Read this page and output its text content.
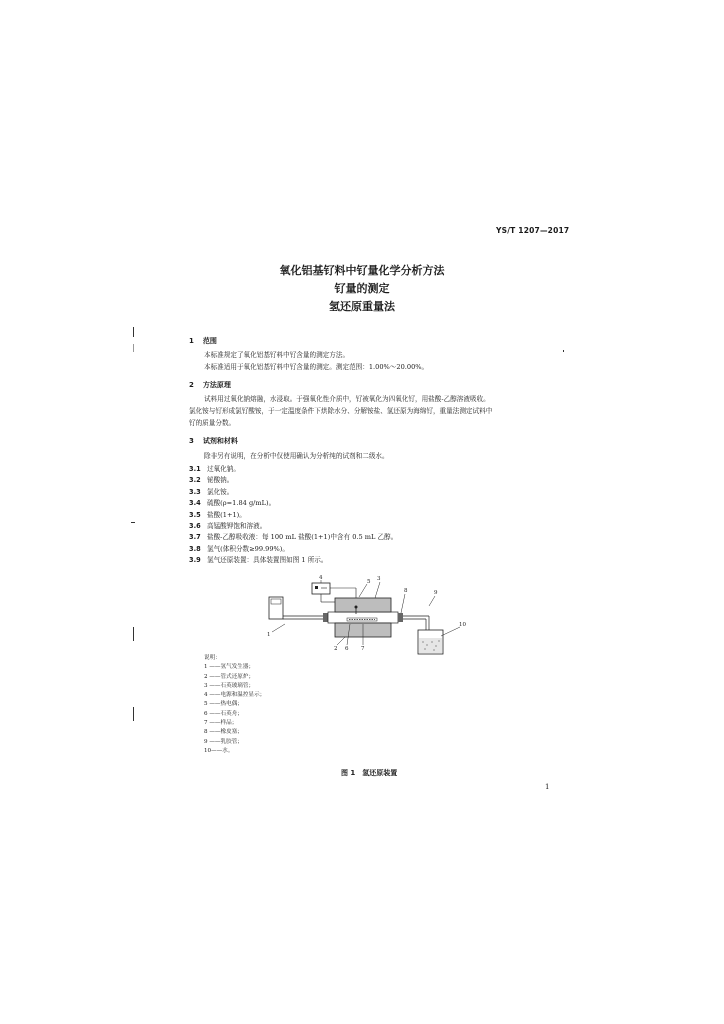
YS/T 1207—2017
氧化铝基钌料中钌量化学分析方法
钌量的测定
氢还原重量法
1 范围
本标准规定了氧化铝基钌料中钌含量的测定方法。
本标准适用于氧化铝基钌料中钌含量的测定。测定范围：1.00%～20.00%。
2 方法原理
试料用过氧化钠熔融，水浸取。于强氧化性介质中，钌被氧化为四氧化钌，用盐酸-乙醇溶液吸收。
氯化铵与钌形成氯钌酸铵，于一定温度条件下烘除水分、分解铵盐、氢还原为海绵钌，重量法测定试料中
钌的质量分数。
3 试剂和材料
除非另有说明，在分析中仅使用确认为分析纯的试剂和二级水。
3.1 过氧化钠。
3.2 铋酸钠。
3.3 氯化铵。
3.4 硫酸(ρ=1.84 g/mL)。
3.5 盐酸(1+1)。
3.6 高锰酸钾饱和溶液。
3.7 盐酸-乙醇吸收液：每 100 mL 盐酸(1+1)中含有 0.5 mL 乙醇。
3.8 氢气(体积分数≥99.99%)。
3.9 氢气还原装置：具体装置图如图 1 所示。
1
2
3
4
5
6 7
8	9
10
说明：
1 ——氢气发生器；
2 ——管式还原炉；
3 ——石英玻璃管；
4 ——电源和温控显示；
5 ——热电偶；
6 ——石英舟；
7 ——样品；
8 ——橡皮塞；
9 ——乳胶管；
10——水。
图 1　氢还原装置
1
